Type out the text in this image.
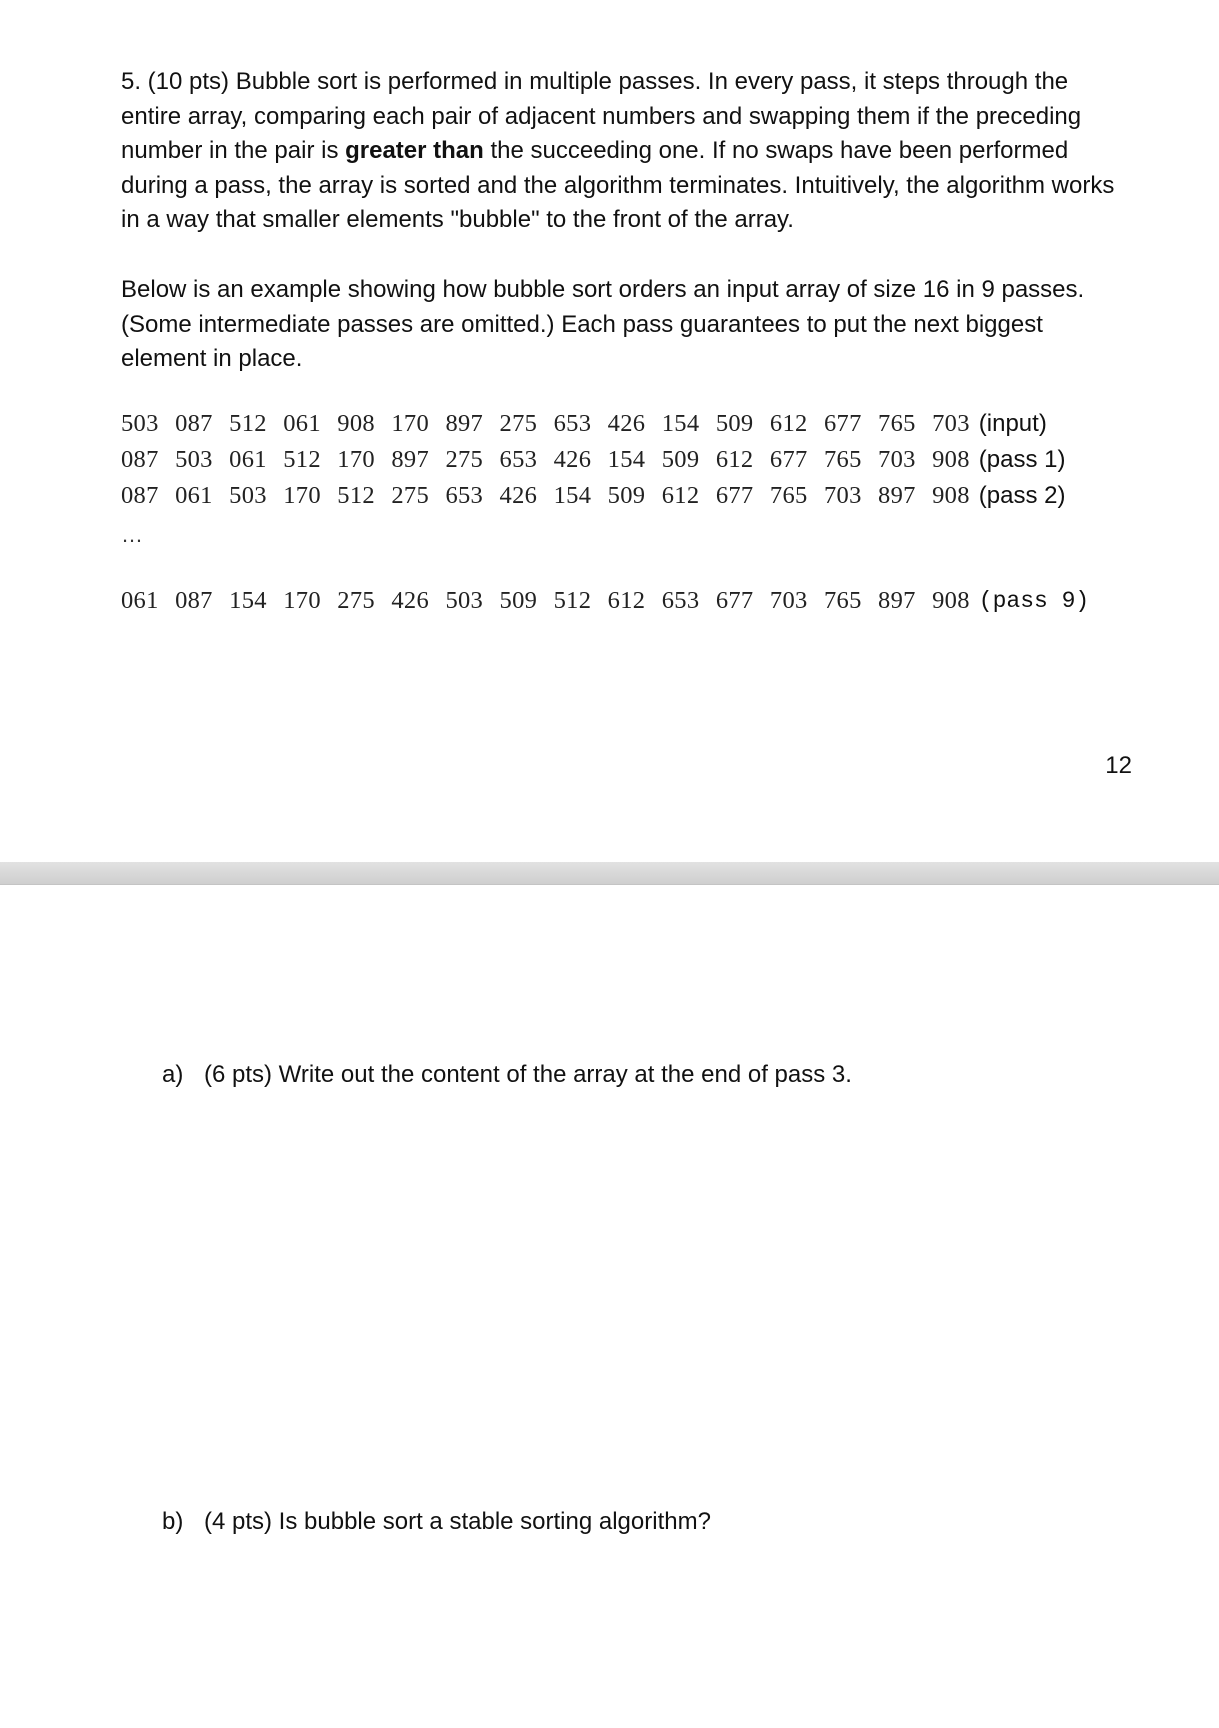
5. (10 pts) Bubble sort is performed in multiple passes. In every pass, it steps through the entire array, comparing each pair of adjacent numbers and swapping them if the preceding number in the pair is greater than the succeeding one. If no swaps have been performed during a pass, the array is sorted and the algorithm terminates. Intuitively, the algorithm works in a way that smaller elements "bubble" to the front of the array.

Below is an example showing how bubble sort orders an input array of size 16 in 9 passes. (Some intermediate passes are omitted.) Each pass guarantees to put the next biggest element in place.

503 087 512 061 908 170 897 275 653 426 154 509 612 677 765 703 (input)
087 503 061 512 170 897 275 653 426 154 509 612 677 765 703 908 (pass 1)
087 061 503 170 512 275 653 426 154 509 612 677 765 703 897 908 (pass 2)
…
061 087 154 170 275 426 503 509 512 612 653 677 703 765 897 908 (pass 9)
12
a) (6 pts) Write out the content of the array at the end of pass 3.
b) (4 pts) Is bubble sort a stable sorting algorithm?
